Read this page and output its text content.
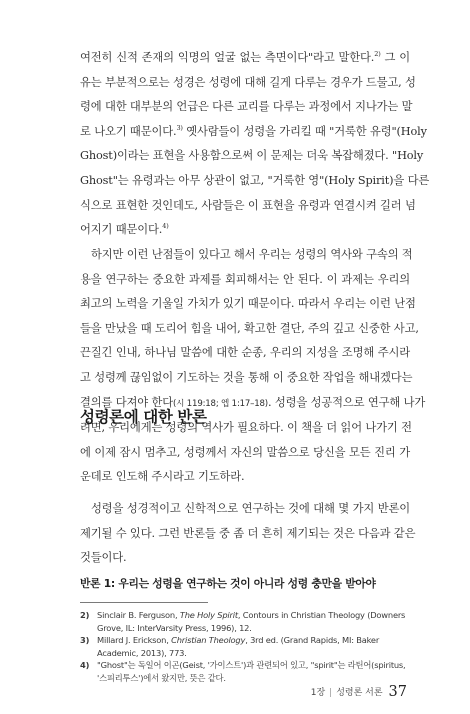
여전히 신적 존재의 익명의 얼굴 없는 측면이다"라고 말한다.$^{2)}$ 그 이
유는 부분적으로는 성경은 성령에 대해 길게 다루는 경우가 드물고, 성
령에 대한 대부분의 언급은 다른 교리를 다루는 과정에서 지나가는 말
로 나오기 때문이다.$^{3)}$ 옛사람들이 성령을 가리킬 때 "거룩한 유령"(Holy
Ghost)이라는 표현을 사용함으로써 이 문제는 더욱 복잡해졌다. "Holy
Ghost"는 유령과는 아무 상관이 없고, "거룩한 영"(Holy Spirit)을 다른
식으로 표현한 것인데도, 사람들은 이 표현을 유령과 연결시켜 길러 넘
어지기 때문이다.$^{4)}$
하지만 이런 난점들이 있다고 해서 우리는 성령의 역사와 구속의 적
용을 연구하는 중요한 과제를 회피해서는 안 된다. 이 과제는 우리의
최고의 노력을 기울일 가치가 있기 때문이다. 따라서 우리는 이런 난점
들을 만났을 때 도리어 힘을 내어, 확고한 결단, 주의 깊고 신중한 사고,
끈질긴 인내, 하나님 말씀에 대한 순종, 우리의 지성을 조명해 주시라
고 성령께 끊임없이 기도하는 것을 통해 이 중요한 작업을 해내겠다는
결의를 다져야 한다(시 119:18; 엡 1:17–18). 성령을 성공적으로 연구해 나가
려면, 우리에게는 성령의 역사가 필요하다. 이 책을 더 읽어 나가기 전
에 이제 잠시 멈추고, 성령께서 자신의 말씀으로 당신을 모든 진리 가
운데로 인도해 주시라고 기도하라.
성령론에 대한 반론
성령을 성경적이고 신학적으로 연구하는 것에 대해 몇 가지 반론이
제기될 수 있다. 그런 반론들 중 좀 더 흔히 제기되는 것은 다음과 같은
것들이다.
반론 1: 우리는 성령을 연구하는 것이 아니라 성령 충만을 받아야

2) Sinclair B. Ferguson, The Holy Spirit, Contours in Christian Theology (Downers Grove, IL: InterVarsity Press, 1996), 12.

3) Millard J. Erickson, Christian Theology, 3rd ed. (Grand Rapids, MI: Baker Academic, 2013), 773.

4) "Ghost"는 독일어 이곤(Geist, '가이스트')과 관련되어 있고, "spirit"는 라틴어(spiritus, '스피리투스')에서 왔지만, 뜻은 같다.

1장 | 성령론 서론 37
